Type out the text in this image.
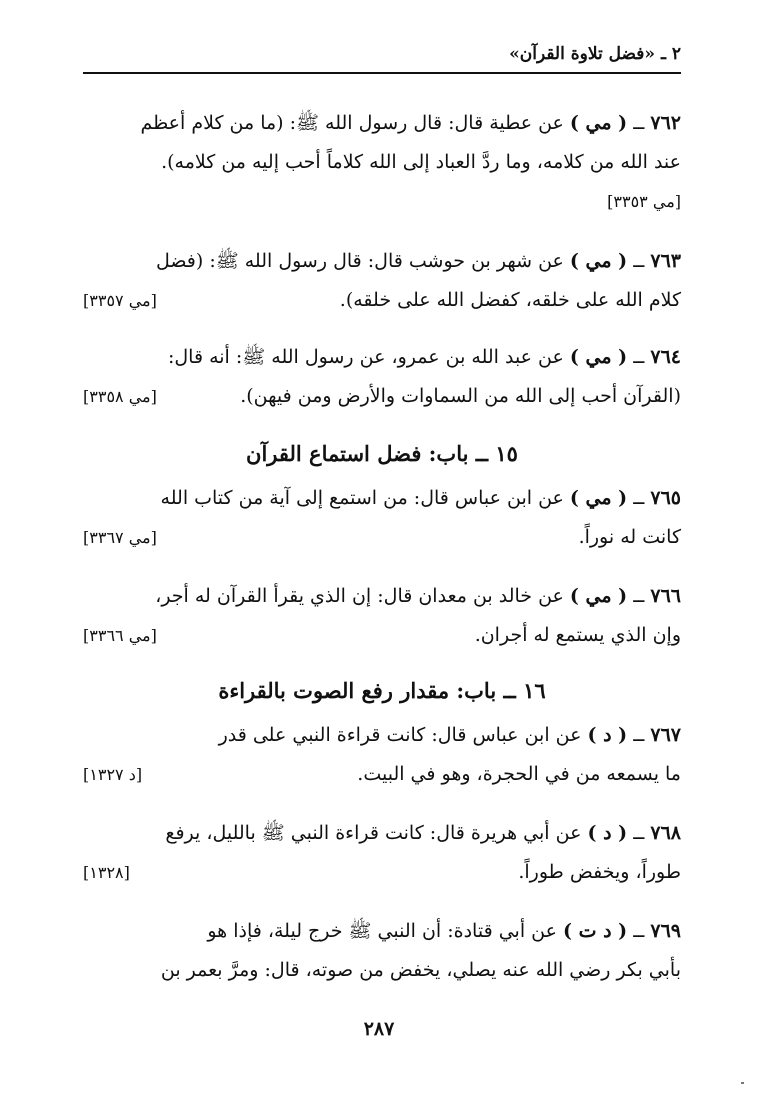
٢ ـ «فضل تلاوة القرآن»
٧٦٢ ــ ( مي ) عن عطية قال: قال رسول الله ﷺ: (ما من كلام أعظم
عند الله من كلامه، وما ردَّ العباد إلى الله كلاماً أحب إليه من كلامه).
[مي ٣٣٥٣]
٧٦٣ ــ ( مي ) عن شهر بن حوشب قال: قال رسول الله ﷺ: (فضل
كلام الله على خلقه، كفضل الله على خلقه).
[مي ٣٣٥٧]
٧٦٤ ــ ( مي ) عن عبد الله بن عمرو، عن رسول الله ﷺ: أنه قال:
(القرآن أحب إلى الله من السماوات والأرض ومن فيهن).
[مي ٣٣٥٨]
١٥ ــ باب: فضل استماع القرآن
٧٦٥ ــ ( مي ) عن ابن عباس قال: من استمع إلى آية من كتاب الله
كانت له نوراً.
[مي ٣٣٦٧]
٧٦٦ ــ ( مي ) عن خالد بن معدان قال: إن الذي يقرأ القرآن له أجر،
وإن الذي يستمع له أجران.
[مي ٣٣٦٦]
١٦ ــ باب: مقدار رفع الصوت بالقراءة
٧٦٧ ــ ( د ) عن ابن عباس قال: كانت قراءة النبي على قدر
ما يسمعه من في الحجرة، وهو في البيت.
[د ١٣٢٧]
٧٦٨ ــ ( د ) عن أبي هريرة قال: كانت قراءة النبي ﷺ بالليل، يرفع
طوراً، ويخفض طوراً.
[١٣٢٨]
٧٦٩ ــ ( د ت ) عن أبي قتادة: أن النبي ﷺ خرج ليلة، فإذا هو
بأبي بكر رضي الله عنه يصلي، يخفض من صوته، قال: ومرَّ بعمر بن
٢٨٧
